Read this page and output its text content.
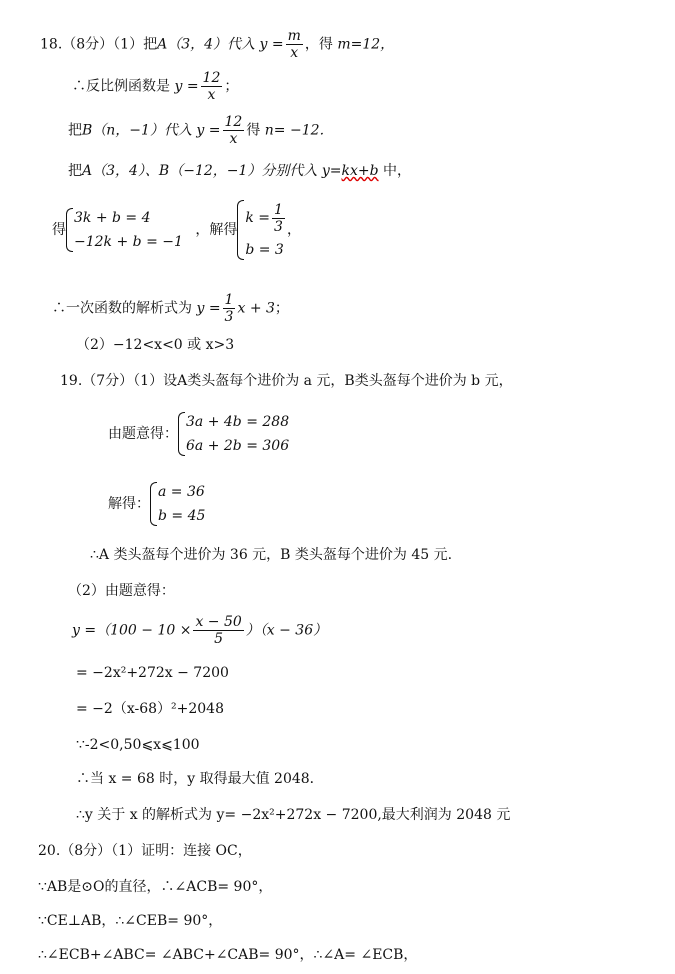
18.（8分）（1）把A（3，4）代入 $y = \frac{m}{x}$ ，得 m=12，
∴反比例函数是 $y = \frac{12}{x}$ ；
把B（n，−1）代入 $y = \frac{12}{x}$ 得 n= −12．
把A（3，4）、B（−12，−1）分别代入 y=kx+b 中，
得
3k + b = 4
−12k + b = −1
，解得
$k = \frac{1}{3}$
b = 3
，
∴一次函数的解析式为 $y = \frac{1}{3}$ x + 3；
（2）−12<x<0 或 x>3
19.（7分）（1）设A类头盔每个进价为 a 元，B类头盔每个进价为 b 元，
由题意得：
3a + 4b = 288
6a + 2b = 306
解得：
a = 36
b = 45
∴A 类头盔每个进价为 36 元，B 类头盔每个进价为 45 元.
（2）由题意得：
$y =(100 - 10 \times \frac{x - 50}{5} )(x - 36)$
= −2x²+272x − 7200
= −2（x-68）²+2048
∵-2<0,50⩽x⩽100
∴当 x = 68 时，y 取得最大值 2048．
∴y 关于 x 的解析式为 y= −2x²+272x − 7200,最大利润为 2048 元
20.（8分）（1）证明：连接 OC，
∵AB是⊙O的直径，∴∠ACB= 90°，
∵CE⊥AB，∴∠CEB= 90°，
∴∠ECB+∠ABC= ∠ABC+∠CAB= 90°，∴∠A= ∠ECB，
